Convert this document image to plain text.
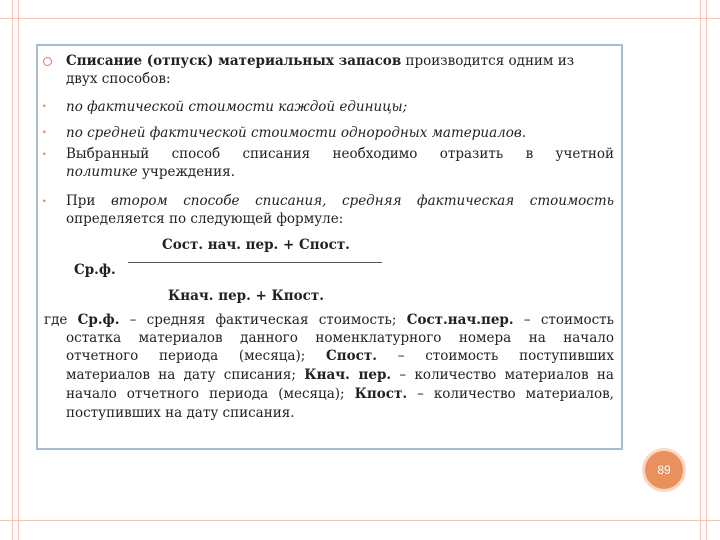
Списание (отпуск) материальных запасов производится одним из
двух способов:
• по фактической стоимости каждой единицы;
• по средней фактической стоимости однородных материалов.
• Выбранный способ списания необходимо отразить в учетной
политике учреждения.
• При втором способе списания, средняя фактическая стоимость
определяется по следующей формуле:
Сост. нач. пер. + Спост.
Ср.ф.
Кнач. пер. + Кпост.
где Ср.ф. – средняя фактическая стоимость; Сост.нач.пер. – стоимость
остатка материалов данного номенклатурного номера на начало
отчетного периода (месяца); Спост. – стоимость поступивших
материалов на дату списания; Кнач. пер. – количество материалов на
начало отчетного периода (месяца); Кпост. – количество материалов,
поступивших на дату списания.
89
